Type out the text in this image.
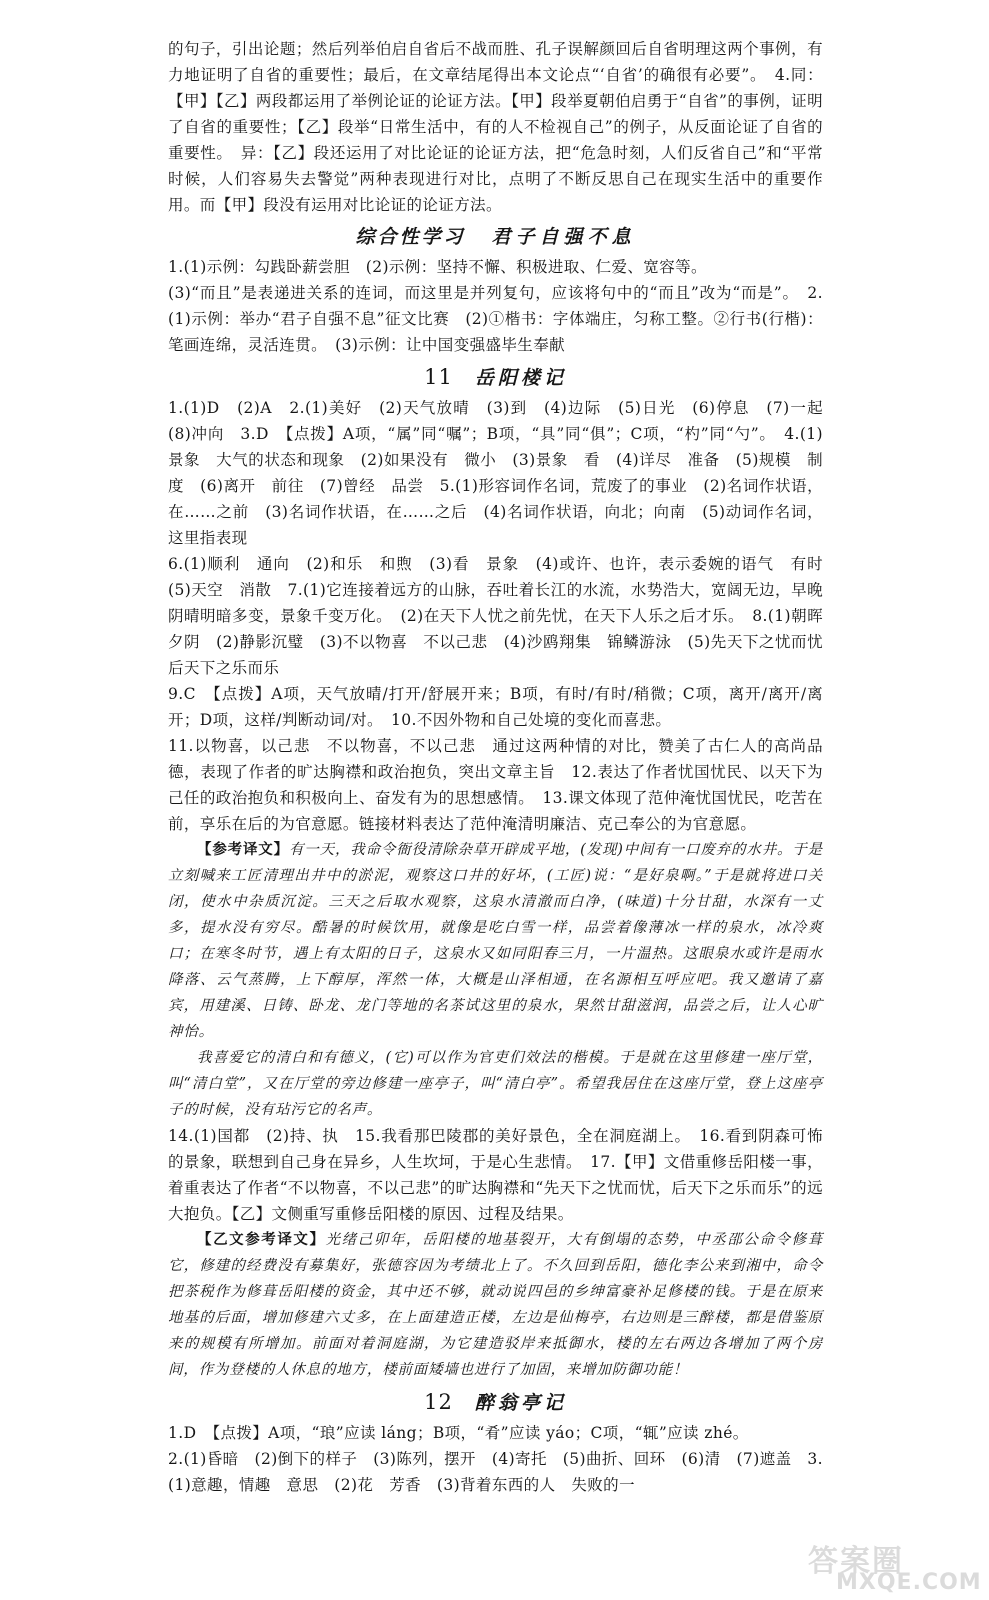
的句子，引出论题；然后列举伯启自省后不战而胜、孔子误解颜回后自省明理这两个事例，有力地证明了自省的重要性；最后，在文章结尾得出本文论点“‘自省’的确很有必要”。　4.同：【甲】【乙】两段都运用了举例论证的论证方法。【甲】段举夏朝伯启勇于“自省”的事例，证明了自省的重要性；【乙】段举“日常生活中，有的人不检视自己”的例子，从反面论证了自省的重要性。　异：【乙】段还运用了对比论证的论证方法，把“危急时刻，人们反省自己”和“平常时候，人们容易失去警觉”两种表现进行对比，点明了不断反思自己在现实生活中的重要作用。而【甲】段没有运用对比论证的论证方法。

综合性学习 君子自强不息

1.(1)示例：勾践卧薪尝胆　(2)示例：坚持不懈、积极进取、仁爱、宽容等。

(3)“而且”是表递进关系的连词，而这里是并列复句，应该将句中的“而且”改为“而是”。　2.(1)示例：举办“君子自强不息”征文比赛　(2)①楷书：字体端庄，匀称工整。②行书(行楷)：笔画连绵，灵活连贯。　(3)示例：让中国变强盛毕生奉献

11 岳阳楼记

1.(1)D　(2)A　2.(1)美好　(2)天气放晴　(3)到　(4)边际　(5)日光　(6)停息　(7)一起　(8)冲向　3.D　【点拨】A项，“属”同“嘱”；B项，“具”同“俱”；C项，“杓”同“勺”。　4.(1)景象　大气的状态和现象　(2)如果没有　微小　(3)景象　看　(4)详尽　准备　(5)规模　制度　(6)离开　前往　(7)曾经　品尝　5.(1)形容词作名词，荒废了的事业　(2)名词作状语，在……之前　(3)名词作状语，在……之后　(4)名词作状语，向北；向南　(5)动词作名词，这里指表现

6.(1)顺利　通向　(2)和乐　和煦　(3)看　景象　(4)或许、也许，表示委婉的语气　有时　(5)天空　消散　7.(1)它连接着远方的山脉，吞吐着长江的水流，水势浩大，宽阔无边，早晚阴晴明暗多变，景象千变万化。　(2)在天下人忧之前先忧，在天下人乐之后才乐。　8.(1)朝晖夕阴　(2)静影沉璧　(3)不以物喜　不以己悲　(4)沙鸥翔集　锦鳞游泳　(5)先天下之忧而忧　后天下之乐而乐

9.C　【点拨】A项，天气放晴/打开/舒展开来；B项，有时/有时/稍微；C项，离开/离开/离开；D项，这样/判断动词/对。　10.不因外物和自己处境的变化而喜悲。

11.以物喜，以己悲　不以物喜，不以己悲　通过这两种情的对比，赞美了古仁人的高尚品德，表现了作者的旷达胸襟和政治抱负，突出文章主旨　12.表达了作者忧国忧民、以天下为己任的政治抱负和积极向上、奋发有为的思想感情。　13.课文体现了范仲淹忧国忧民，吃苦在前，享乐在后的为官意愿。链接材料表达了范仲淹清明廉洁、克己奉公的为官意愿。

【参考译文】有一天，我命令衙役清除杂草开辟成平地，(发现)中间有一口废弃的水井。于是立刻喊来工匠清理出井中的淤泥，观察这口井的好坏，(工匠)说：“是好泉啊。”于是就将进口关闭，使水中杂质沉淀。三天之后取水观察，这泉水清澈而白净，(味道)十分甘甜，水深有一丈多，提水没有穷尽。酷暑的时候饮用，就像是吃白雪一样，品尝着像薄冰一样的泉水，冰冷爽口；在寒冬时节，遇上有太阳的日子，这泉水又如同阳春三月，一片温热。这眼泉水或许是雨水降落、云气蒸腾，上下醇厚，浑然一体，大概是山泽相通，在名源相互呼应吧。我又邀请了嘉宾，用建溪、日铸、卧龙、龙门等地的名茶试这里的泉水，果然甘甜滋润，品尝之后，让人心旷神怡。

我喜爱它的清白和有德义，(它)可以作为官吏们效法的楷模。于是就在这里修建一座厅堂，叫“清白堂”，又在厅堂的旁边修建一座亭子，叫“清白亭”。希望我居住在这座厅堂，登上这座亭子的时候，没有玷污它的名声。

14.(1)国都　(2)持、执　15.我看那巴陵郡的美好景色，全在洞庭湖上。　16.看到阴森可怖的景象，联想到自己身在异乡，人生坎坷，于是心生悲情。　17.【甲】文借重修岳阳楼一事，着重表达了作者“不以物喜，不以己悲”的旷达胸襟和“先天下之忧而忧，后天下之乐而乐”的远大抱负。【乙】文侧重写重修岳阳楼的原因、过程及结果。

【乙文参考译文】光绪己卯年，岳阳楼的地基裂开，大有倒塌的态势，中丞邵公命令修葺它，修建的经费没有募集好，张德容因为考绩北上了。不久回到岳阳，德化李公来到湘中，命令把茶税作为修葺岳阳楼的资金，其中还不够，就动说四邑的乡绅富豪补足修楼的钱。于是在原来地基的后面，增加修建六丈多，在上面建造正楼，左边是仙梅亭，右边则是三醉楼，都是借鉴原来的规模有所增加。前面对着洞庭湖，为它建造驳岸来抵御水，楼的左右两边各增加了两个房间，作为登楼的人休息的地方，楼前面矮墙也进行了加固，来增加防御功能！

12 醉翁亭记

1.D　【点拨】A项，“琅”应读 láng；B项，“肴”应读 yáo；C项，“辄”应读 zhé。

2.(1)昏暗　(2)倒下的样子　(3)陈列，摆开　(4)寄托　(5)曲折、回环　(6)清　(7)遮盖　3.(1)意趣，情趣　意思　(2)花　芳香　(3)背着东西的人　失败的一

答案圈
MXQE.COM
